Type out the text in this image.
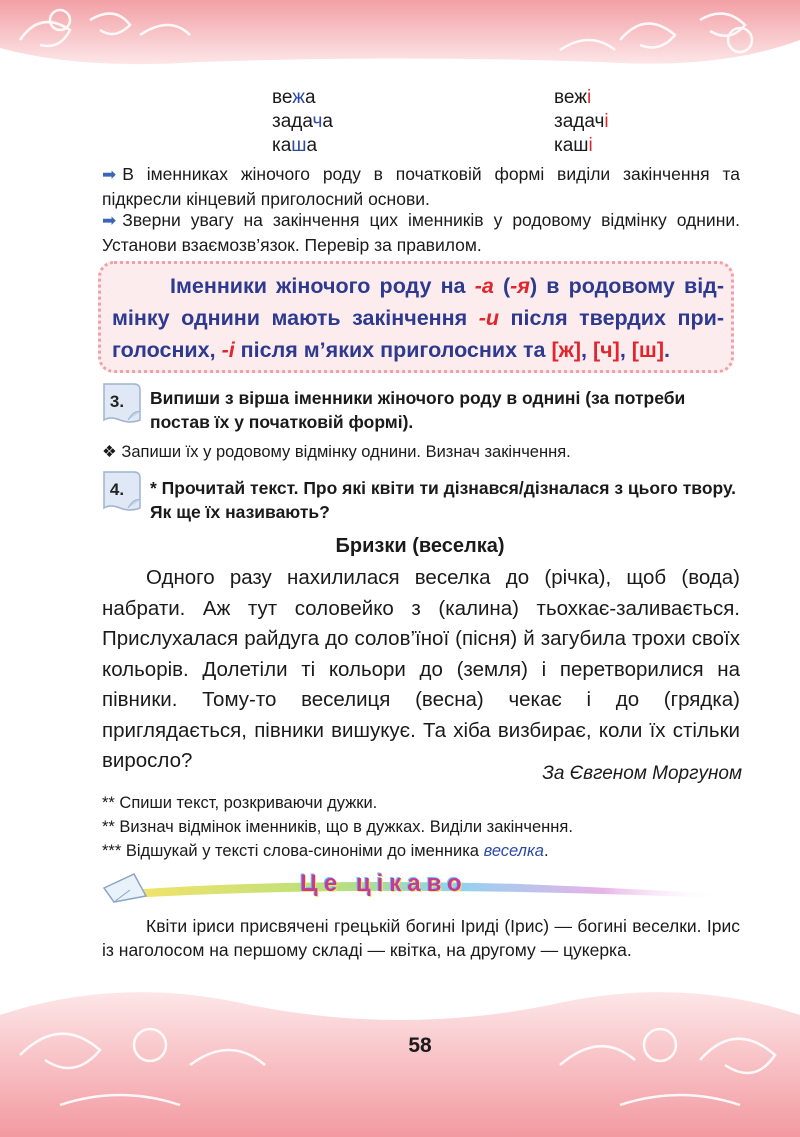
вежа
задача
каша
вежі
задачі
каші
➡ В іменниках жіночого роду в початковій формі виділи закінчення та підкресли кінцевий приголосний основи.
➡ Зверни увагу на закінчення цих іменників у родовому відмінку однини. Установи взаємозв’язок. Перевір за правилом.
Іменники жіночого роду на -а (-я) в родовому відмінку однини мають закінчення -и після твердих приголосних, -і після м’яких приголосних та [ж], [ч], [ш].
3.	Випиши з вірша іменники жіночого роду в однині (за потреби постав їх у початковій формі).
❖ Запиши їх у родовому відмінку однини. Визнач закінчення.
4.	* Прочитай текст. Про які квіти ти дізнався/дізналася з цього твору. Як ще їх називають?
Бризки (веселка)

Одного разу нахилилася веселка до (річка), щоб (вода) набрати. Аж тут соловейко з (калина) тьохкає-заливається. Прислухалася райдуга до солов’їної (пісня) й загубила трохи своїх кольорів. Долетіли ті кольори до (земля) і перетворилися на півники. Тому-то веселиця (весна) чекає і до (грядка) приглядається, півники вишукує. Та хіба визбирає, коли їх стільки виросло?

За Євгеном Моргуном
** Спиши текст, розкриваючи дужки.
** Визнач відмінок іменників, що в дужках. Виділи закінчення.
*** Відшукай у тексті слова-синоніми до іменника веселка.
Це цікаво
Квіти іриси присвячені грецькій богині Іриді (Ірис) — богині веселки. Ірис із наголосом на першому складі — квітка, на другому — цукерка.
58
